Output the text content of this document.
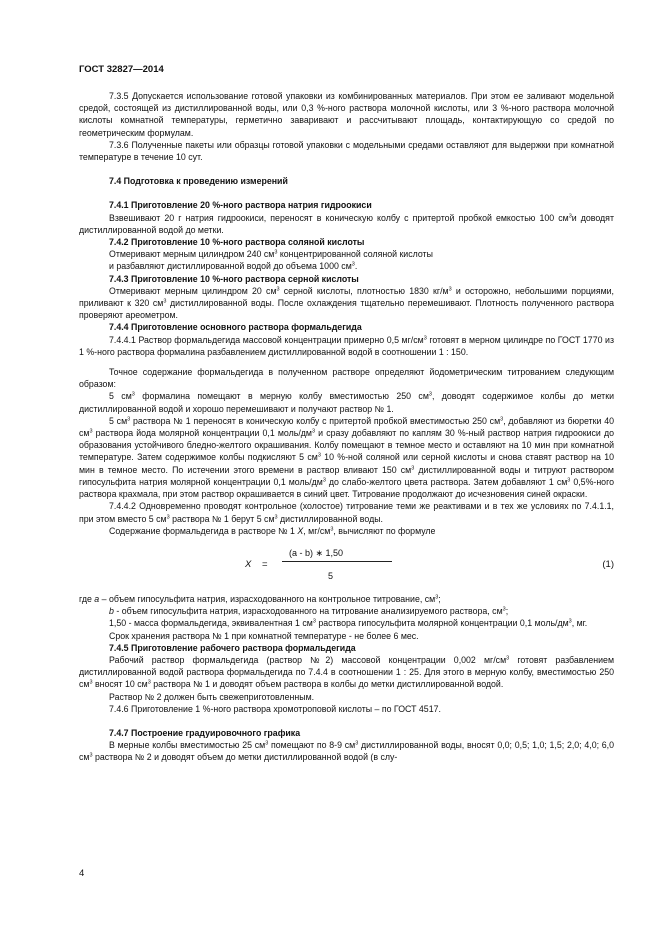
ГОСТ 32827—2014

7.3.5 Допускается использование готовой упаковки из комбинированных материалов. При этом ее заливают модельной средой, состоящей из дистиллированной воды, или 0,3 %-ного раствора молочной кислоты, или 3 %-ного раствора молочной кислоты комнатной температуры, герметично заваривают и рассчитывают площадь, контактирующую со средой по геометрическим формулам.

7.3.6 Полученные пакеты или образцы готовой упаковки с модельными средами оставляют для выдержки при комнатной температуре в течение 10 сут.

7.4 Подготовка к проведению измерений

7.4.1 Приготовление 20 %-ного раствора натрия гидроокиси

Взвешивают 20 г натрия гидроокиси, переносят в коническую колбу с притертой пробкой емкостью 100 $см^3и$ доводят дистиллированной водой до метки.

7.4.2 Приготовление 10 %-ного раствора соляной кислоты

Отмеривают мерным цилиндром 240 $см^3$ концентрированной соляной кислоты

и разбавляют дистиллированной водой до объема 1000 $см^3$.

7.4.3 Приготовление 10 %-ного раствора серной кислоты

Отмеривают мерным цилиндром 20 $см^3$ серной кислоты, плотностью 1830 $кг/м^3$ и осторожно, небольшими порциями, приливают к 320 $см^3$ дистиллированной воды. После охлаждения тщательно перемешивают. Плотность полученного раствора проверяют ареометром.

7.4.4 Приготовление основного раствора формальдегида

7.4.4.1 Раствор формальдегида массовой концентрации примерно 0,5 $мг/см^3$ готовят в мерном цилиндре по ГОСТ 1770 из 1 %-ного раствора формалина разбавлением дистиллированной водой в соотношении 1 : 150.

Точное содержание формальдегида в полученном растворе определяют йодометрическим титрованием следующим образом:

5 $см^3$ формалина помещают в мерную колбу вместимостью 250 $см^3$, доводят содержимое колбы до метки дистиллированной водой и хорошо перемешивают и получают раствор № 1.

5 $см^3$ раствора № 1 переносят в коническую колбу с притертой пробкой вместимостью 250 $см^3$, добавляют из бюретки 40 $см^3$ раствора йода молярной концентрации 0,1 моль/$дм^3$ и сразу добавляют по каплям 30 %-ный раствор натрия гидроокиси до образования устойчивого бледно-желтого окрашивания. Колбу помещают в темное место и оставляют на 10 мин при комнатной температуре. Затем содержимое колбы подкисляют 5 $см^3$ 10 %-ной соляной или серной кислоты и снова ставят раствор на 10 мин в темное место. По истечении этого времени в раствор вливают 150 $см^3$ дистиллированной воды и титруют раствором гипосульфита натрия молярной концентрации 0,1 моль/$дм^3$ до слабо-желтого цвета раствора. Затем добавляют 1 $см^3$ 0,5%-ного раствора крахмала, при этом раствор окрашивается в синий цвет. Титрование продолжают до исчезновения синей окраски.

7.4.4.2 Одновременно проводят контрольное (холостое) титрование теми же реактивами и в тех же условиях по 7.4.1.1, при этом вместо 5 $см^3$ раствора № 1 берут 5 $см^3$ дистиллированной воды.

Содержание формальдегида в растворе № 1 X, $мг/см^3$, вычисляют по формуле

X =
(a - b) ∗ 1,50
5
(1)

где a – объем гипосульфита натрия, израсходованного на контрольное титрование, $см^3$;

b - объем гипосульфита натрия, израсходованного на титрование анализируемого раствора, $см^3$;

1,50 - масса формальдегида, эквивалентная 1 $см^3$ раствора гипосульфита молярной концентрации 0,1 моль/$дм^3$, мг.

Срок хранения раствора № 1 при комнатной температуре - не более 6 мес.

7.4.5 Приготовление рабочего раствора формальдегида

Рабочий раствор формальдегида (раствор №2) массовой концентрации 0,002 $мг/см^3$ готовят разбавлением дистиллированной водой раствора формальдегида по 7.4.4 в соотношении 1 : 25. Для этого в мерную колбу, вместимостью 250 $см^3$ вносят 10 $см^3$ раствора № 1 и доводят объем раствора в колбы до метки дистиллированной водой.

Раствор № 2 должен быть свежеприготовленным.

7.4.6 Приготовление 1 %-ного раствора хромотроповой кислоты – по ГОСТ 4517.

7.4.7 Построение градуировочного графика

В мерные колбы вместимостью 25 $см^3$ помещают по 8-9 $см^3$ дистиллированной воды, вносят 0,0; 0,5; 1,0; 1,5; 2,0; 4,0; 6,0 $см^3$ раствора № 2 и доводят объем до метки дистиллированной водой (в слу-

4
